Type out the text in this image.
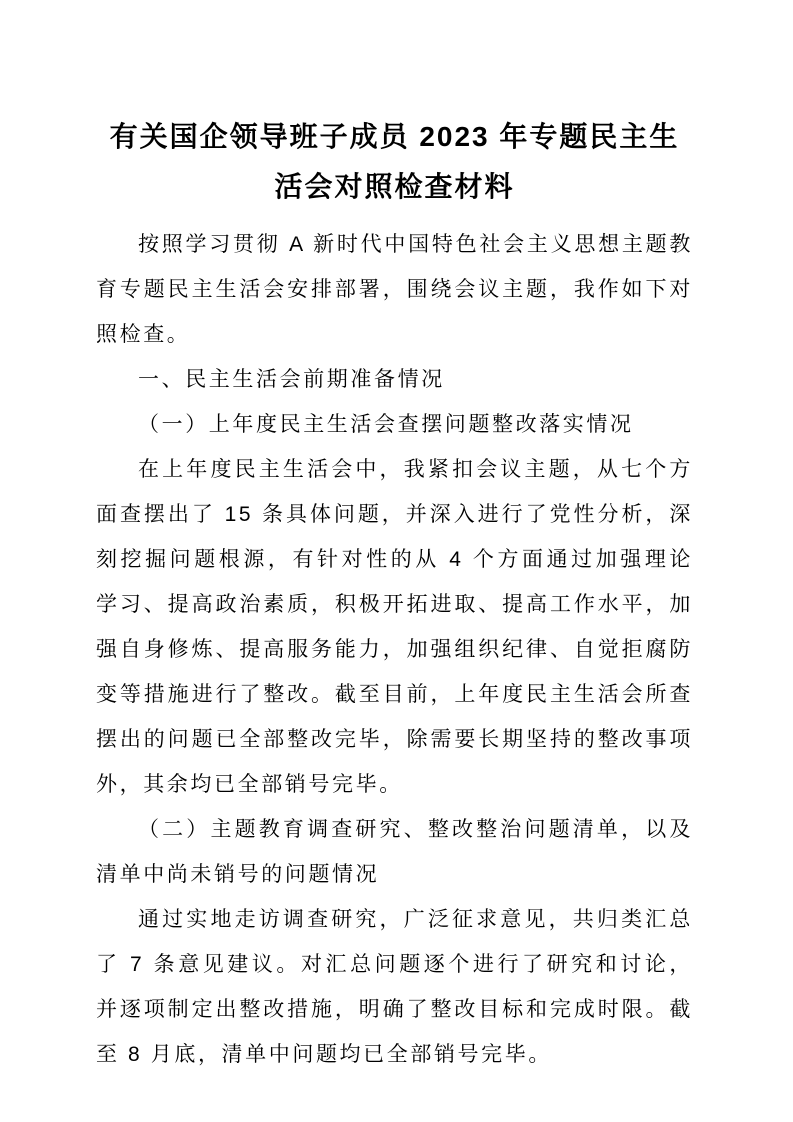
有关国企领导班子成员 2023 年专题民主生活会对照检查材料

按照学习贯彻 A 新时代中国特色社会主义思想主题教育专题民主生活会安排部署，围绕会议主题，我作如下对照检查。

一、民主生活会前期准备情况

（一）上年度民主生活会查摆问题整改落实情况

在上年度民主生活会中，我紧扣会议主题，从七个方面查摆出了 15 条具体问题，并深入进行了党性分析，深刻挖掘问题根源，有针对性的从 4 个方面通过加强理论学习、提高政治素质，积极开拓进取、提高工作水平，加强自身修炼、提高服务能力，加强组织纪律、自觉拒腐防变等措施进行了整改。截至目前，上年度民主生活会所查摆出的问题已全部整改完毕，除需要长期坚持的整改事项外，其余均已全部销号完毕。

（二）主题教育调查研究、整改整治问题清单，以及清单中尚未销号的问题情况

通过实地走访调查研究，广泛征求意见，共归类汇总了 7 条意见建议。对汇总问题逐个进行了研究和讨论，并逐项制定出整改措施，明确了整改目标和完成时限。截至 8 月底，清单中问题均已全部销号完毕。
